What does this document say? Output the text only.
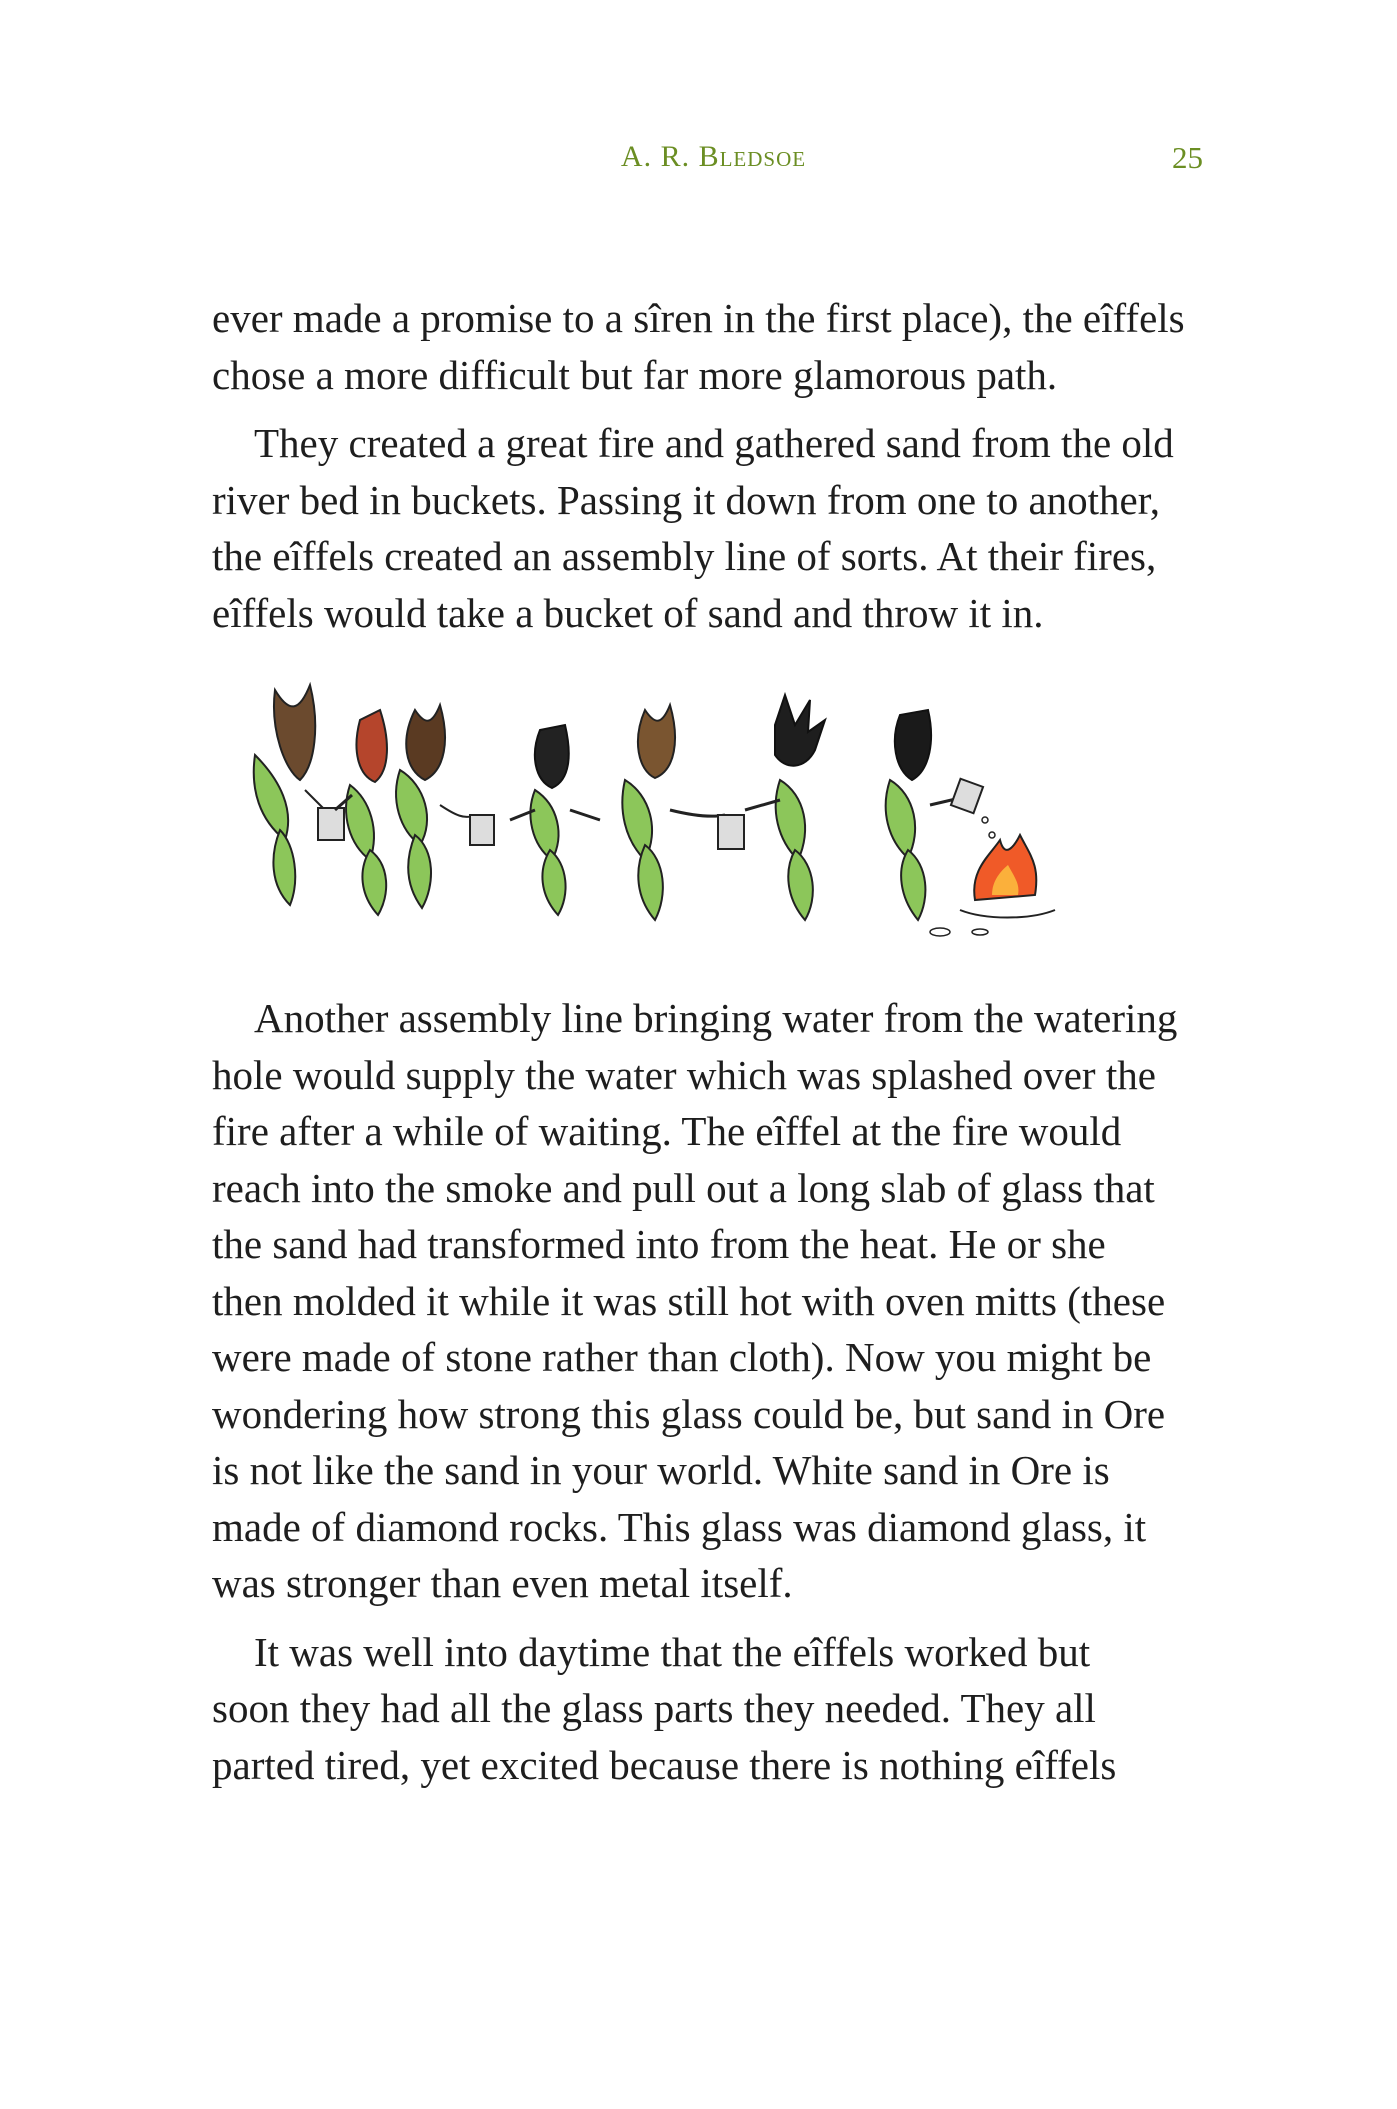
A. R. Bledsoe	25

ever made a promise to a sîren in the first place), the eîffels
chose a more difficult but far more glamorous path.

They created a great fire and gathered sand from the old
river bed in buckets. Passing it down from one to another,
the eîffels created an assembly line of sorts. At their fires,
eîffels would take a bucket of sand and throw it in.

Another assembly line bringing water from the watering
hole would supply the water which was splashed over the
fire after a while of waiting. The eîffel at the fire would
reach into the smoke and pull out a long slab of glass that
the sand had transformed into from the heat. He or she
then molded it while it was still hot with oven mitts (these
were made of stone rather than cloth). Now you might be
wondering how strong this glass could be, but sand in Ore
is not like the sand in your world. White sand in Ore is
made of diamond rocks. This glass was diamond glass, it
was stronger than even metal itself.

It was well into daytime that the eîffels worked but
soon they had all the glass parts they needed. They all
parted tired, yet excited because there is nothing eîffels
